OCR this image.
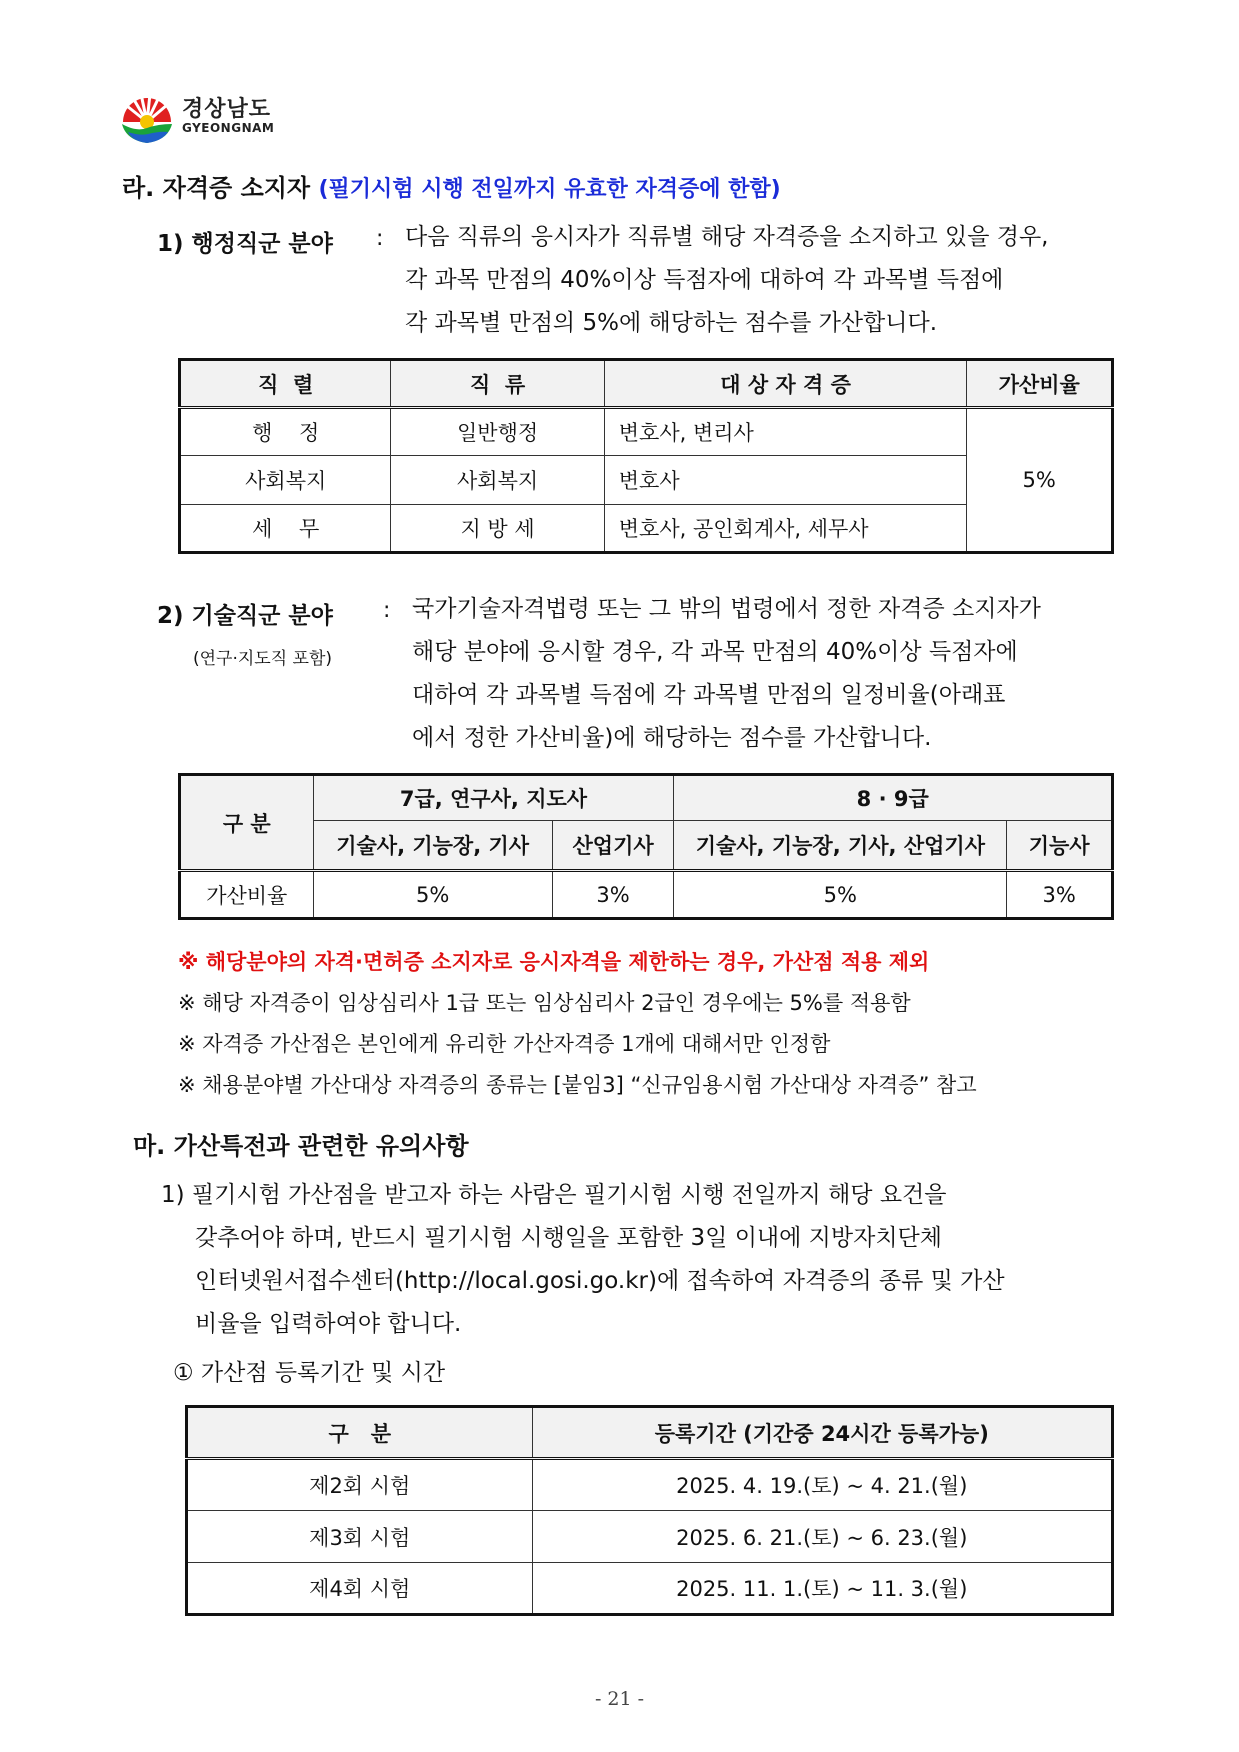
경상남도
GYEONGNAM
라. 자격증 소지자 (필기시험 시행 전일까지 유효한 자격증에 한함)
1) 행정직군 분야 : 다음 직류의 응시자가 직류별 해당 자격증을 소지하고 있을 경우,
각 과목 만점의 40%이상 득점자에 대하여 각 과목별 득점에
각 과목별 만점의 5%에 해당하는 점수를 가산합니다.
직  렬	직  류	대 상 자 격 증	가산비율
행    정	일반행정	변호사, 변리사	5%
사회복지	사회복지	변호사	
세    무	지 방 세	변호사, 공인회계사, 세무사	
2) 기술직군 분야 :
(연구·지도직 포함)
국가기술자격법령 또는 그 밖의 법령에서 정한 자격증 소지자가
해당 분야에 응시할 경우, 각 과목 만점의 40%이상 득점자에
대하여 각 과목별 득점에 각 과목별 만점의 일정비율(아래표
에서 정한 가산비율)에 해당하는 점수를 가산합니다.
구 분	7급, 연구사, 지도사		8 · 9급	
	기술사, 기능장, 기사	산업기사	기술사, 기능장, 기사, 산업기사	기능사
가산비율	5%	3%	5%	3%
※ 해당분야의 자격·면허증 소지자로 응시자격을 제한하는 경우, 가산점 적용 제외
※ 해당 자격증이 임상심리사 1급 또는 임상심리사 2급인 경우에는 5%를 적용함
※ 자격증 가산점은 본인에게 유리한 가산자격증 1개에 대해서만 인정함
※ 채용분야별 가산대상 자격증의 종류는 [붙임3] “신규임용시험 가산대상 자격증” 참고
마. 가산특전과 관련한 유의사항
1) 필기시험 가산점을 받고자 하는 사람은 필기시험 시행 전일까지 해당 요건을
갖추어야 하며, 반드시 필기시험 시행일을 포함한 3일 이내에 지방자치단체
인터넷원서접수센터(http://local.gosi.go.kr)에 접속하여 자격증의 종류 및 가산
비율을 입력하여야 합니다.
① 가산점 등록기간 및 시간
구   분	등록기간 (기간중 24시간 등록가능)
제2회 시험	2025. 4. 19.(토) ~ 4. 21.(월)
제3회 시험	2025. 6. 21.(토) ~ 6. 23.(월)
제4회 시험	2025. 11. 1.(토) ~ 11. 3.(월)
- 21 -
